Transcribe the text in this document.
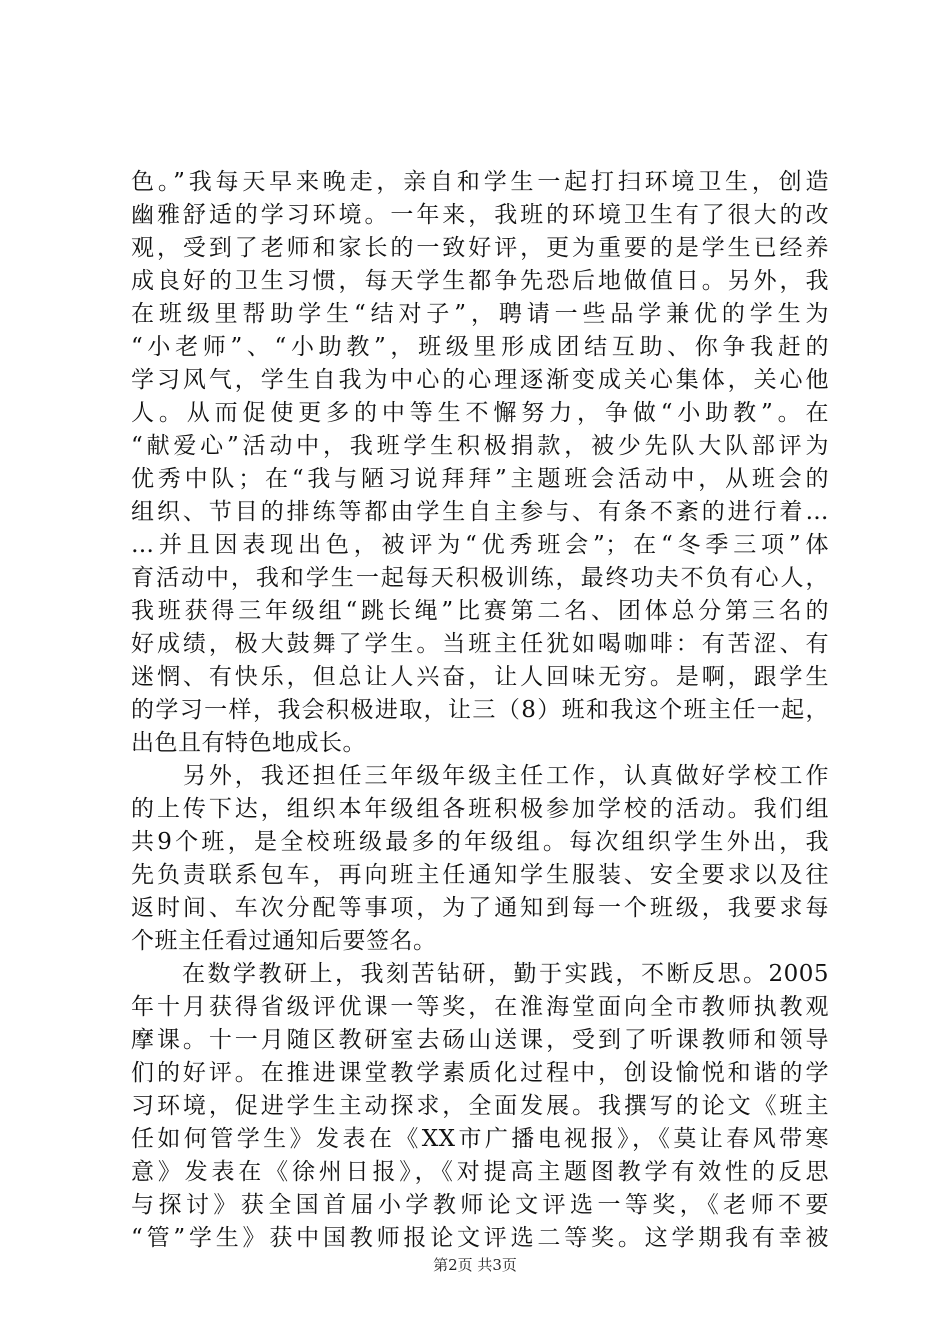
色。”我每天早来晚走，亲自和学生一起打扫环境卫生，创造
幽雅舒适的学习环境。一年来，我班的环境卫生有了很大的改
观，受到了老师和家长的一致好评，更为重要的是学生已经养
成良好的卫生习惯，每天学生都争先恐后地做值日。另外，我
在班级里帮助学生“结对子”，聘请一些品学兼优的学生为
“小老师”、“小助教”，班级里形成团结互助、你争我赶的
学习风气，学生自我为中心的心理逐渐变成关心集体，关心他
人。从而促使更多的中等生不懈努力，争做“小助教”。在
“献爱心”活动中，我班学生积极捐款，被少先队大队部评为
优秀中队；在“我与陋习说拜拜”主题班会活动中，从班会的
组织、节目的排练等都由学生自主参与、有条不紊的进行着…
…并且因表现出色，被评为“优秀班会”；在“冬季三项”体
育活动中，我和学生一起每天积极训练，最终功夫不负有心人，
我班获得三年级组“跳长绳”比赛第二名、团体总分第三名的
好成绩，极大鼓舞了学生。当班主任犹如喝咖啡：有苦涩、有
迷惘、有快乐，但总让人兴奋，让人回味无穷。是啊，跟学生
的学习一样，我会积极进取，让三（8）班和我这个班主任一起，
出色且有特色地成长。
　　另外，我还担任三年级年级主任工作，认真做好学校工作
的上传下达，组织本年级组各班积极参加学校的活动。我们组
共9个班，是全校班级最多的年级组。每次组织学生外出，我
先负责联系包车，再向班主任通知学生服装、安全要求以及往
返时间、车次分配等事项，为了通知到每一个班级，我要求每
个班主任看过通知后要签名。
　　在数学教研上，我刻苦钻研，勤于实践，不断反思。2005
年十月获得省级评优课一等奖，在淮海堂面向全市教师执教观
摩课。十一月随区教研室去砀山送课，受到了听课教师和领导
们的好评。在推进课堂教学素质化过程中，创设愉悦和谐的学
习环境，促进学生主动探求，全面发展。我撰写的论文《班主
任如何管学生》发表在《XX市广播电视报》，《莫让春风带寒
意》发表在《徐州日报》，《对提高主题图教学有效性的反思
与探讨》获全国首届小学教师论文评选一等奖，《老师不要
“管”学生》获中国教师报论文评选二等奖。这学期我有幸被
第2页 共3页
